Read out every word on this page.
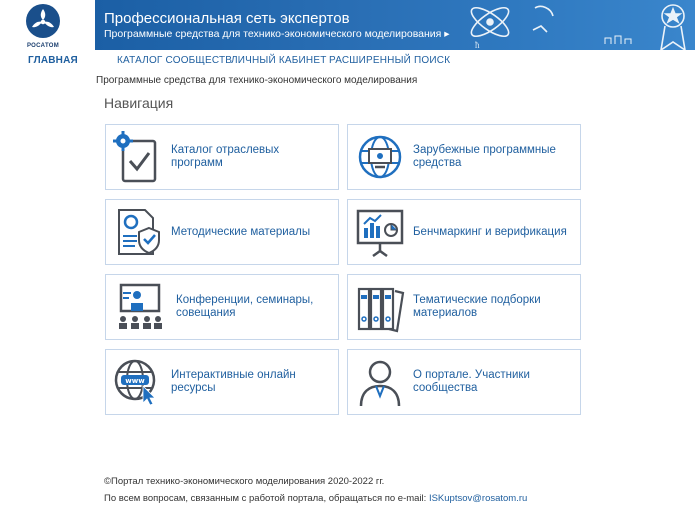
РОСАТОМ
Профессиональная сеть экспертов
Программные средства для технико-экономического моделирования ▸
ħ
ГЛАВНАЯ	КАТАЛОГ СООБЩЕСТВ
ЛИЧНЫЙ КАБИНЕТ РАСШИРЕННЫЙ ПОИСК
Программные средства для технико-экономического моделирования
Навигация
Каталог отраслевых программ
Зарубежные программные средства
Методические материалы	Бенчмаркинг и верификация
Конференции, семинары, совещания
Тематические подборки материалов
www Интерактивные онлайн ресурсы
О портале. Участники сообщества
©Портал технико-экономического моделирования 2020-2022 гг.
По всем вопросам, связанным с работой портала, обращаться по e-mail: ISKuptsov@rosatom.ru
